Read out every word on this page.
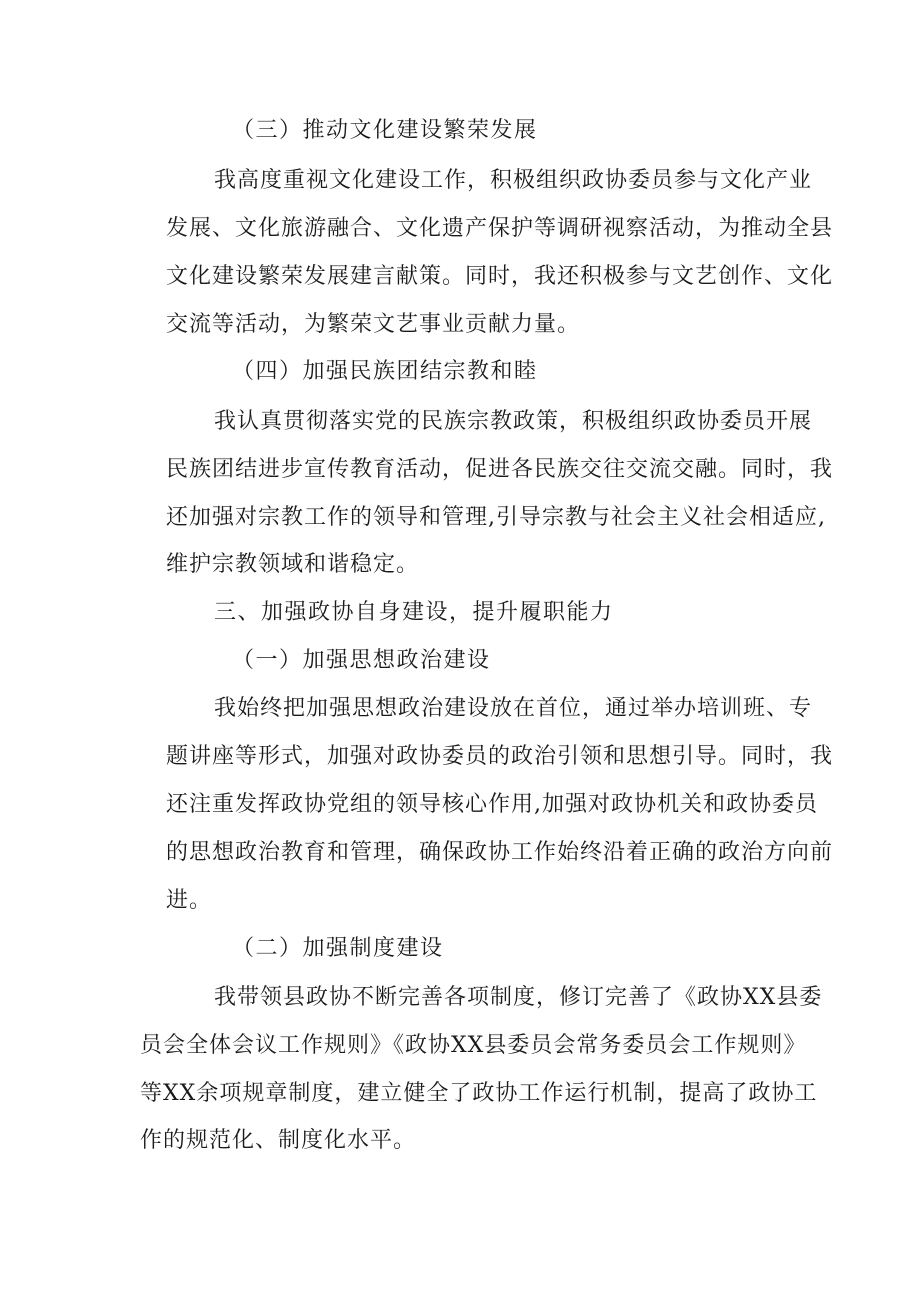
（三）推动文化建设繁荣发展

我高度重视文化建设工作，积极组织政协委员参与文化产业

发展、文化旅游融合、文化遗产保护等调研视察活动，为推动全县

文化建设繁荣发展建言献策。同时，我还积极参与文艺创作、文化

交流等活动，为繁荣文艺事业贡献力量。

（四）加强民族团结宗教和睦

我认真贯彻落实党的民族宗教政策，积极组织政协委员开展

民族团结进步宣传教育活动，促进各民族交往交流交融。同时，我

还加强对宗教工作的领导和管理,引导宗教与社会主义社会相适应,

维护宗教领域和谐稳定。

三、加强政协自身建设，提升履职能力

（一）加强思想政治建设

我始终把加强思想政治建设放在首位，通过举办培训班、专

题讲座等形式，加强对政协委员的政治引领和思想引导。同时，我

还注重发挥政协党组的领导核心作用,加强对政协机关和政协委员

的思想政治教育和管理，确保政协工作始终沿着正确的政治方向前

进。

（二）加强制度建设

我带领县政协不断完善各项制度，修订完善了《政协XX县委

员会全体会议工作规则》《政协XX县委员会常务委员会工作规则》

等XX余项规章制度，建立健全了政协工作运行机制，提高了政协工

作的规范化、制度化水平。
